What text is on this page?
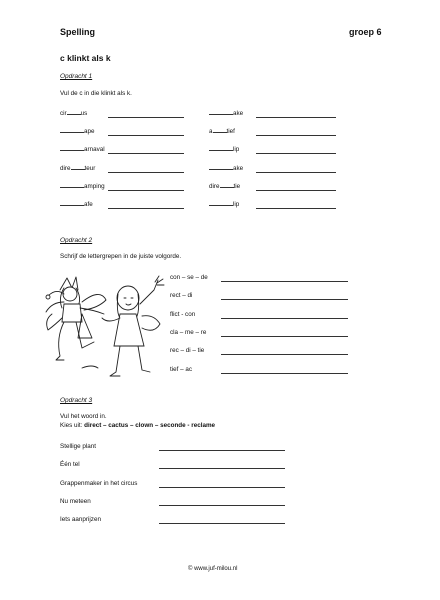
Spelling	groep 6
c klinkt als k
Opdracht 1
Vul de c in die klinkt als k.
cir us
ape
arnaval
dire teur
amping
afe
ake
a tief
lip
ake
dire tie
lip
Opdracht 2
Schrijf de lettergrepen in de juiste volgorde.
con – se – de
rect – di
flict - con
cla – me – re
rec – di – tie
tief – ac
Opdracht 3
Vul het woord in.
Kies uit: direct – cactus – clown – seconde - reclame
Stellige plant
Één tel
Grappenmaker in het circus
Nu meteen
Iets aanprijzen
© www.juf-milou.nl
